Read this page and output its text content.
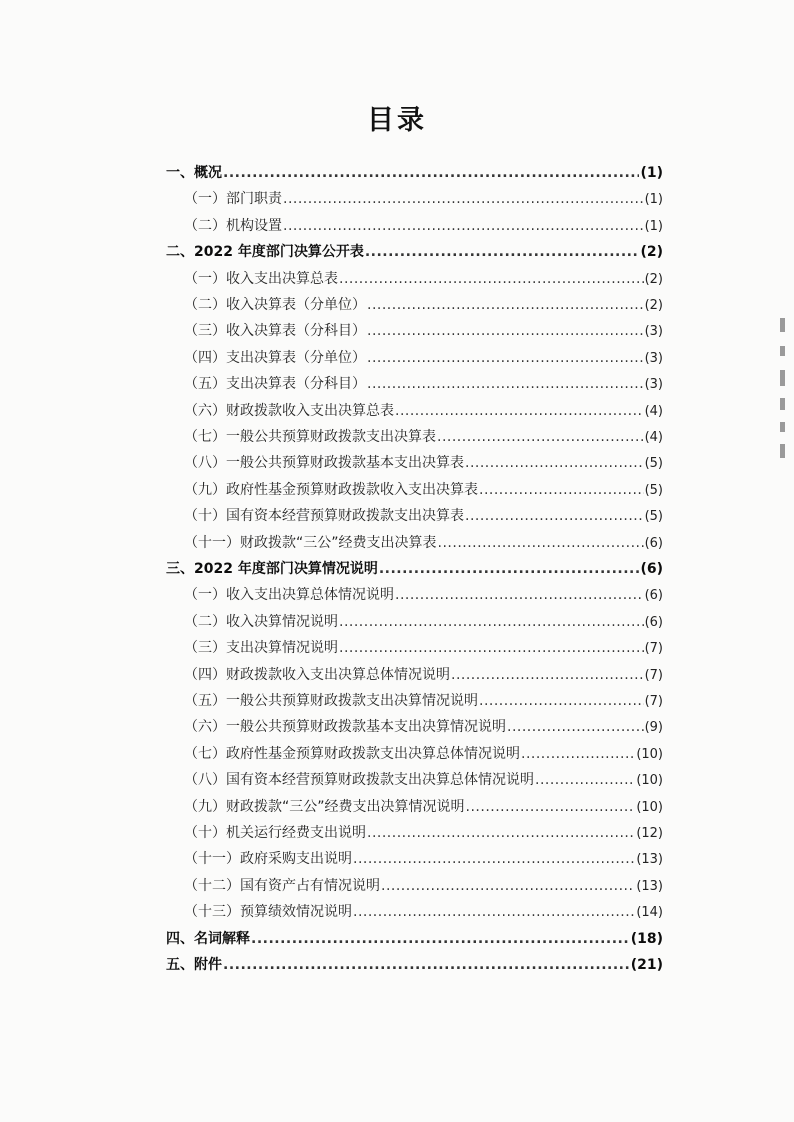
目录
一、概况 .....	(1)
（一）部门职责 .....	(1)
（二）机构设置 .....	(1)
二、2022 年度部门决算公开表 .....	(2)
（一）收入支出决算总表 .....	(2)
（二）收入决算表（分单位） .....	(2)
（三）收入决算表（分科目） .....	(3)
（四）支出决算表（分单位） .....	(3)
（五）支出决算表（分科目） .....	(3)
（六）财政拨款收入支出决算总表 .....	(4)
（七）一般公共预算财政拨款支出决算表 .....	(4)
（八）一般公共预算财政拨款基本支出决算表 .....	(5)
（九）政府性基金预算财政拨款收入支出决算表 .....	(5)
（十）国有资本经营预算财政拨款支出决算表 .....	(5)
（十一）财政拨款“三公”经费支出决算表 .....	(6)
三、2022 年度部门决算情况说明 .....	(6)
（一）收入支出决算总体情况说明 .....	(6)
（二）收入决算情况说明 .....	(6)
（三）支出决算情况说明 .....	(7)
（四）财政拨款收入支出决算总体情况说明 .....	(7)
（五）一般公共预算财政拨款支出决算情况说明 .....	(7)
（六）一般公共预算财政拨款基本支出决算情况说明 .....	(9)
（七）政府性基金预算财政拨款支出决算总体情况说明 .....	(10)
（八）国有资本经营预算财政拨款支出决算总体情况说明 .....	(10)
（九）财政拨款“三公”经费支出决算情况说明 .....	(10)
（十）机关运行经费支出说明 .....	(12)
（十一）政府采购支出说明 .....	(13)
（十二）国有资产占有情况说明 .....	(13)
（十三）预算绩效情况说明 .....	(14)
四、名词解释 .....	(18)
五、附件 .....	(21)
